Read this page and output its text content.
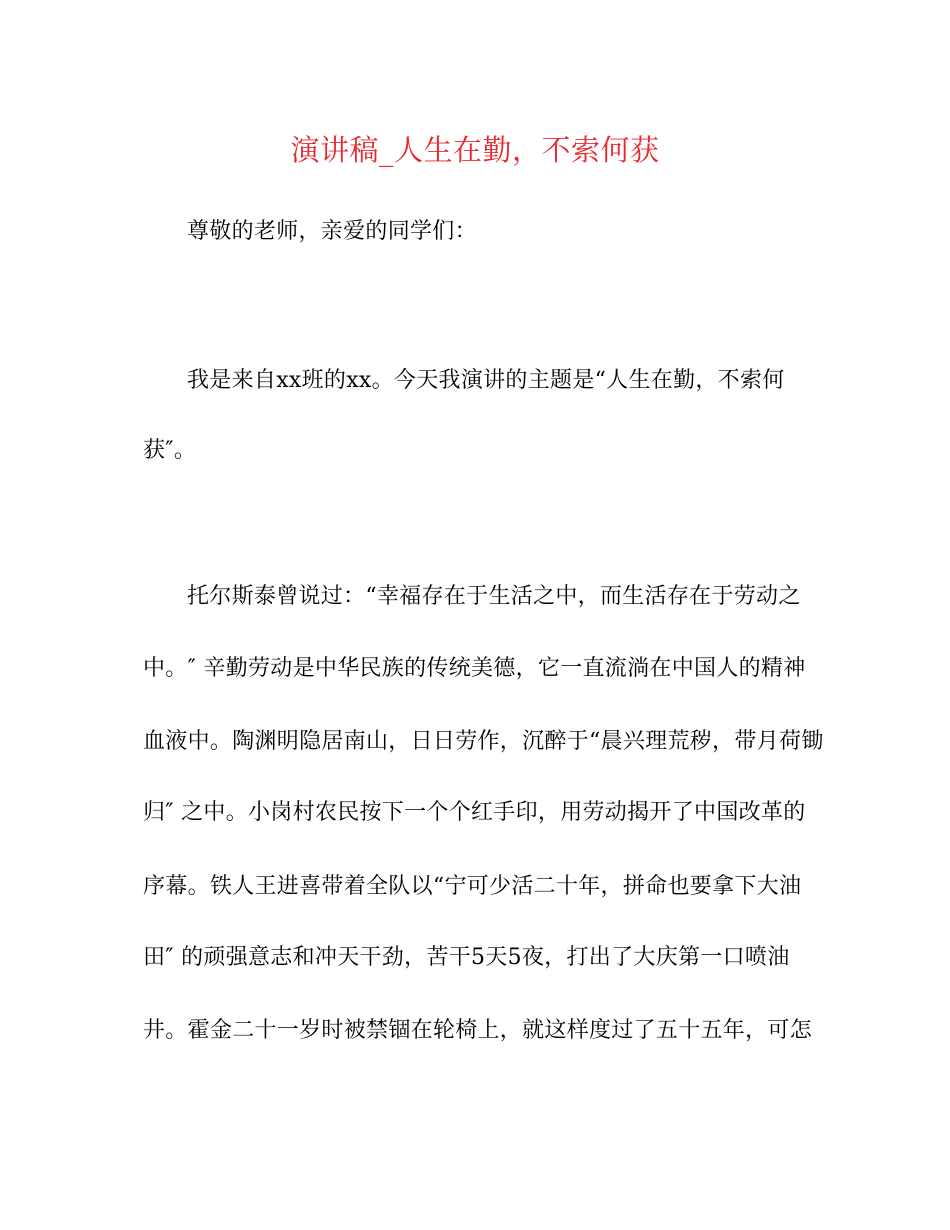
演讲稿_人生在勤，不索何获
尊敬的老师，亲爱的同学们：
我是来自xx班的xx。今天我演讲的主题是“人生在勤，不索何
获″。
托尔斯泰曾说过：“幸福存在于生活之中，而生活存在于劳动之
中。″ 辛勤劳动是中华民族的传统美德，它一直流淌在中国人的精神
血液中。陶渊明隐居南山，日日劳作，沉醉于“晨兴理荒秽，带月荷锄
归″ 之中。小岗村农民按下一个个红手印，用劳动揭开了中国改革的
序幕。铁人王进喜带着全队以“宁可少活二十年，拼命也要拿下大油
田″ 的顽强意志和冲天干劲，苦干5天5夜，打出了大庆第一口喷油
井。霍金二十一岁时被禁锢在轮椅上，就这样度过了五十五年，可怎
